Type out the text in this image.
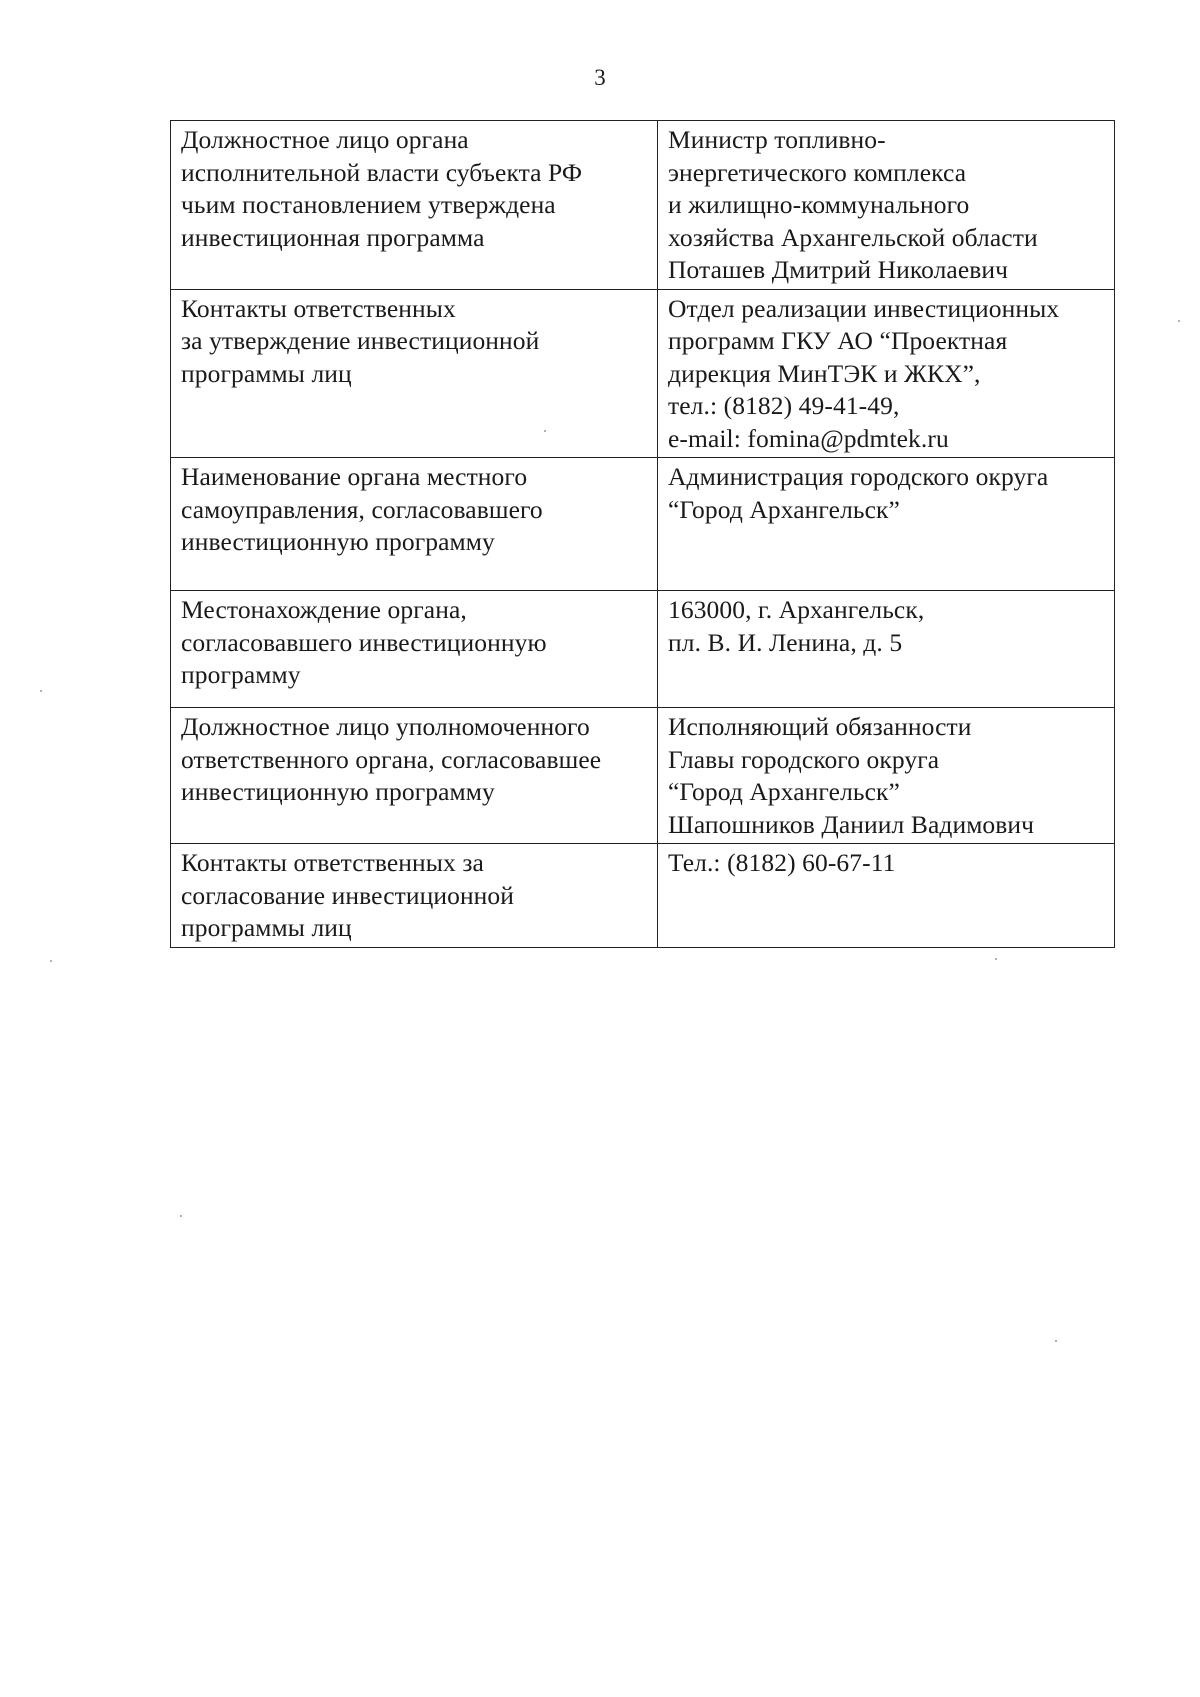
3
Должностное лицо органа
исполнительной власти субъекта РФ
чьим постановлением утверждена
инвестиционная программа	Министр топливно-
энергетического комплекса
и жилищно-коммунального
хозяйства Архангельской области
Поташев Дмитрий Николаевич

Контакты ответственных
за утверждение инвестиционной
программы лиц	Отдел реализации инвестиционных
программ ГКУ АО “Проектная
дирекция МинТЭК и ЖКХ”,
тел.: (8182) 49-41-49,
e-mail: fomina@pdmtek.ru

Наименование органа местного
самоуправления, согласовавшего
инвестиционную программу	Администрация городского округа
“Город Архангельск”

Местонахождение органа,
согласовавшего инвестиционную
программу	163000, г. Архангельск,
пл. В. И. Ленина, д. 5

Должностное лицо уполномоченного
ответственного органа, согласовавшее
инвестиционную программу	Исполняющий обязанности
Главы городского округа
“Город Архангельск”
Шапошников Даниил Вадимович

Контакты ответственных за
согласование инвестиционной
программы лиц	Тел.: (8182) 60-67-11
